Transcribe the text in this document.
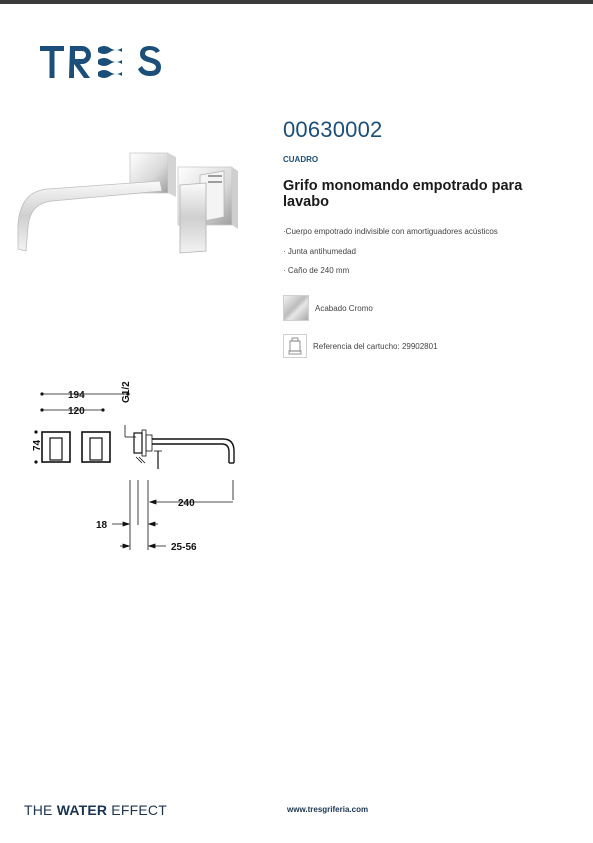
00630002
CUADRO
Grifo monomando empotrado para lavabo
·Cuerpo empotrado indivisible con amortiguadores acústicos
· Junta antihumedad
· Caño de 240 mm
Acabado Cromo
Referencia del cartucho: 29902801
194
120
74
G1/2
240
18
25-56
THE WATER EFFECT	www.tresgriferia.com
